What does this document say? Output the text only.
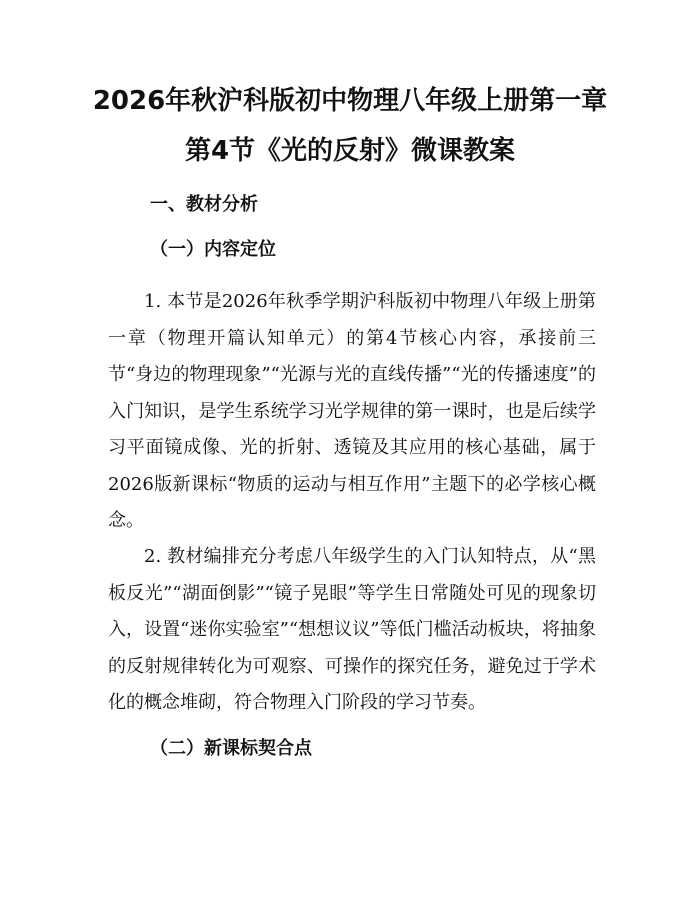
2026年秋沪科版初中物理八年级上册第一章
第4节《光的反射》微课教案
一、教材分析
（一）内容定位

1. 本节是2026年秋季学期沪科版初中物理八年级上册第一章（物理开篇认知单元）的第4节核心内容，承接前三节“身边的物理现象”“光源与光的直线传播”“光的传播速度”的入门知识，是学生系统学习光学规律的第一课时，也是后续学习平面镜成像、光的折射、透镜及其应用的核心基础，属于2026版新课标“物质的运动与相互作用”主题下的必学核心概念。

2. 教材编排充分考虑八年级学生的入门认知特点，从“黑板反光”“湖面倒影”“镜子晃眼”等学生日常随处可见的现象切入，设置“迷你实验室”“想想议议”等低门槛活动板块，将抽象的反射规律转化为可观察、可操作的探究任务，避免过于学术化的概念堆砌，符合物理入门阶段的学习节奏。

（二）新课标契合点
